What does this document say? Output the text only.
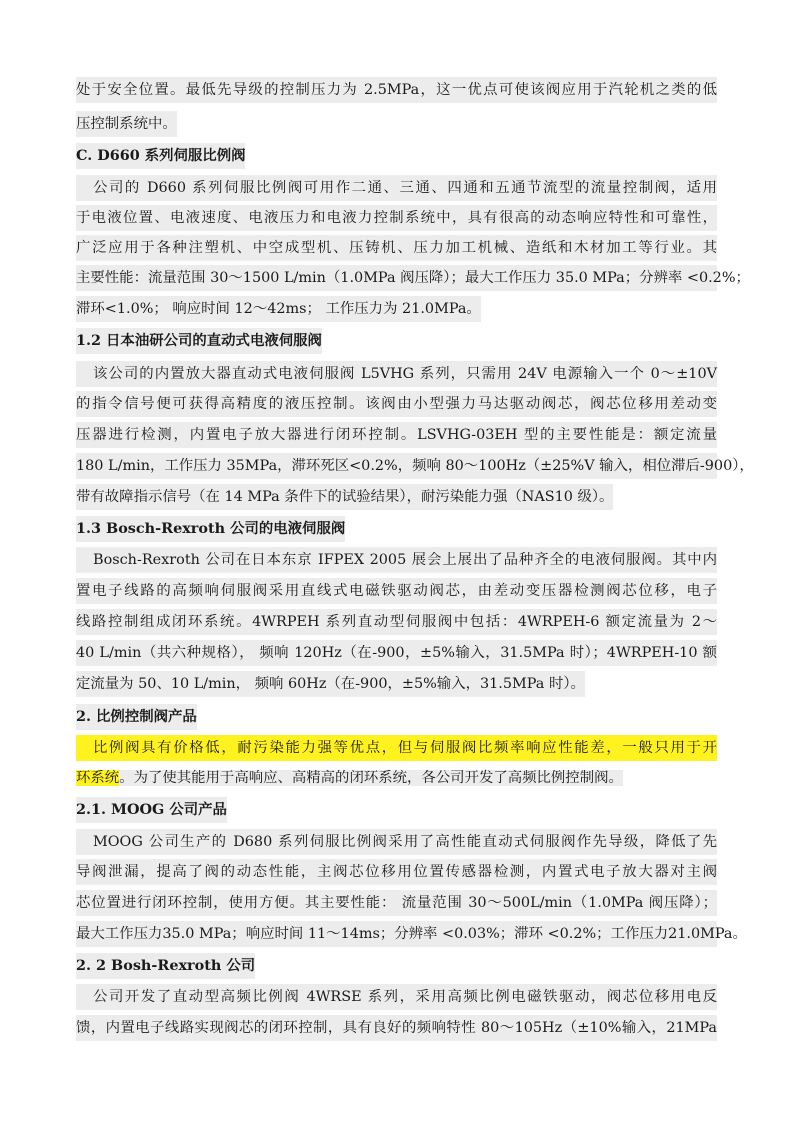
处于安全位置。最低先导级的控制压力为 2.5MPa，这一优点可使该阀应用于汽轮机之类的低
压控制系统中。
C. D660 系列伺服比例阀
公司的 D660 系列伺服比例阀可用作二通、三通、四通和五通节流型的流量控制阀，适用
于电液位置、电液速度、电液压力和电液力控制系统中，具有很高的动态响应特性和可靠性，
广泛应用于各种注塑机、中空成型机、压铸机、压力加工机械、造纸和木材加工等行业。其
主要性能：流量范围 30～1500 L/min（1.0MPa 阀压降）；最大工作压力 35.0 MPa；分辨率 <0.2%；
滞环<1.0%； 响应时间 12～42ms； 工作压力为 21.0MPa。
1.2 日本油研公司的直动式电液伺服阀
该公司的内置放大器直动式电液伺服阀 L5VHG 系列，只需用 24V 电源输入一个 0～±10V
的指令信号便可获得高精度的液压控制。该阀由小型强力马达驱动阀芯，阀芯位移用差动变
压器进行检测，内置电子放大器进行闭环控制。LSVHG-03EH 型的主要性能是：额定流量
180 L/min，工作压力 35MPa，滞环死区<0.2%，频响 80～100Hz（±25%V 输入，相位滞后-900），
带有故障指示信号（在 14 MPa 条件下的试验结果），耐污染能力强（NAS10 级）。
1.3 Bosch-Rexroth 公司的电液伺服阀
Bosch-Rexroth 公司在日本东京 IFPEX 2005 展会上展出了品种齐全的电液伺服阀。其中内
置电子线路的高频响伺服阀采用直线式电磁铁驱动阀芯，由差动变压器检测阀芯位移，电子
线路控制组成闭环系统。4WRPEH 系列直动型伺服阀中包括：4WRPEH-6 额定流量为 2～
40 L/min（共六种规格）， 频响 120Hz（在-900，±5%输入，31.5MPa 时）；4WRPEH-10 额
定流量为 50、10 L/min， 频响 60Hz（在-900，±5%输入，31.5MPa 时）。
2. 比例控制阀产品
比例阀具有价格低，耐污染能力强等优点，但与伺服阀比频率响应性能差，一般只用于开
环系统。为了使其能用于高响应、高精高的闭环系统，各公司开发了高频比例控制阀。
2.1. MOOG 公司产品
MOOG 公司生产的 D680 系列伺服比例阀采用了高性能直动式伺服阀作先导级，降低了先
导阀泄漏，提高了阀的动态性能，主阀芯位移用位置传感器检测，内置式电子放大器对主阀
芯位置进行闭环控制，使用方便。其主要性能： 流量范围 30～500L/min（1.0MPa 阀压降）；
最大工作压力35.0 MPa；响应时间 11～14ms；分辨率 <0.03%；滞环 <0.2%；工作压力21.0MPa。
2. 2 Bosh-Rexroth 公司
公司开发了直动型高频比例阀 4WRSE 系列，采用高频比例电磁铁驱动，阀芯位移用电反
馈，内置电子线路实现阀芯的闭环控制，具有良好的频响特性 80～105Hz（±10%输入，21MPa
